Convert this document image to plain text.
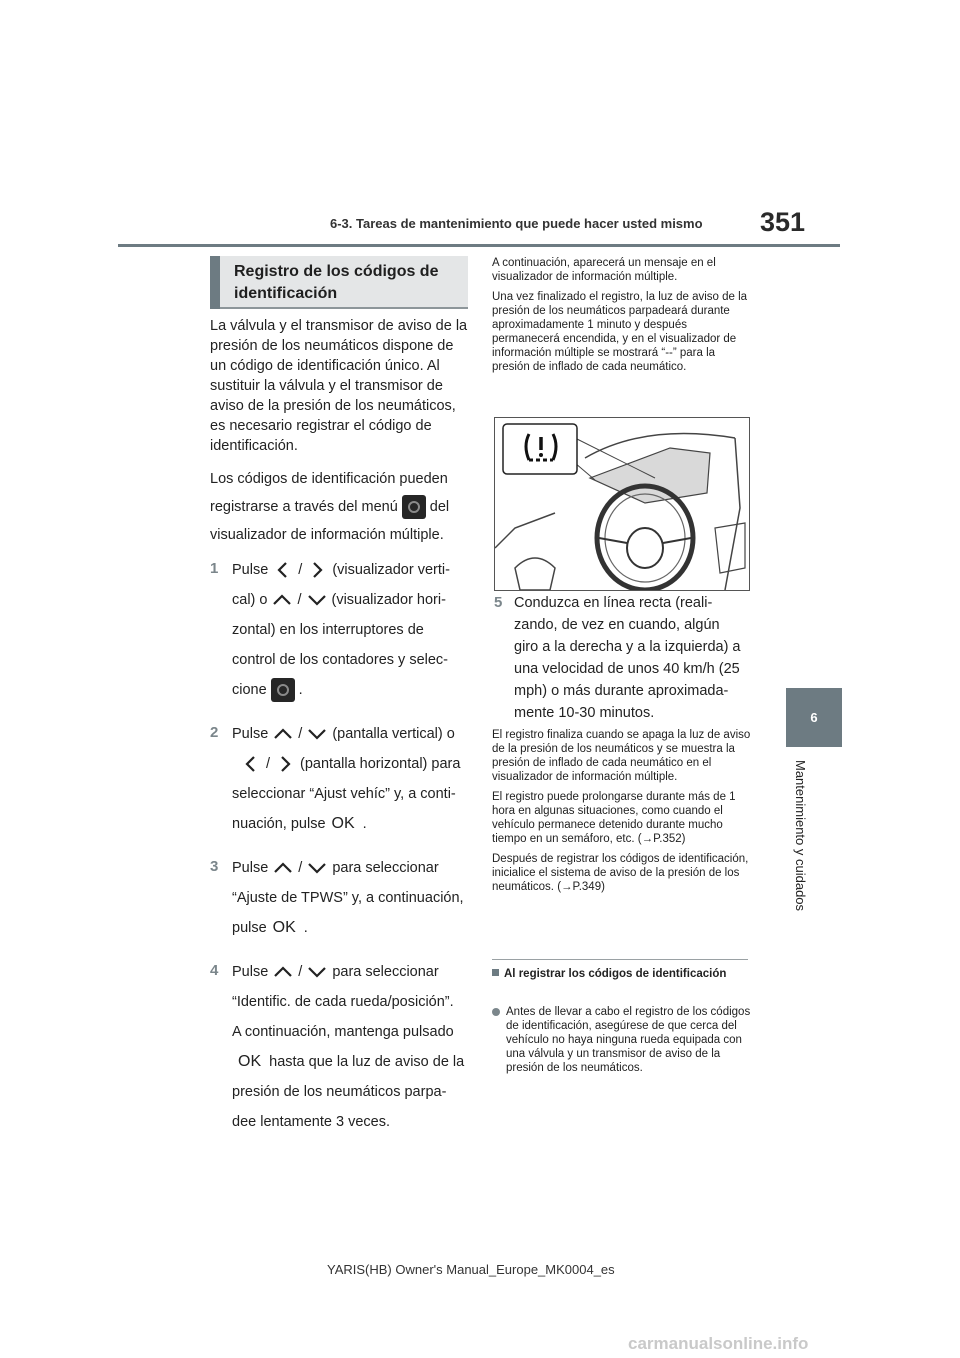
6-3. Tareas de mantenimiento que puede hacer usted mismo 351
6
Mantenimiento y cuidados
Registro de los códigos de identificación

La válvula y el transmisor de aviso de la presión de los neumáticos dispone de un código de identificación único. Al sustituir la válvula y el transmisor de aviso de la presión de los neumáticos, es necesario registrar el código de identificación.

Los códigos de identificación pueden
registrarse a través del menú del
visualizador de información múltiple.
1 Pulse / (visualizador verti-
cal) o / (visualizador hori-
zontal) en los interruptores de
control de los contadores y selec-
cione .
2 Pulse / (pantalla vertical) o
/ (pantalla horizontal) para
seleccionar “Ajust vehíc” y, a conti-
nuación, pulse OK .
3 Pulse / para seleccionar
“Ajuste de TPWS” y, a continuación,
pulse OK .
4 Pulse / para seleccionar
“Identific. de cada rueda/posición”.
A continuación, mantenga pulsado
OK hasta que la luz de aviso de la
presión de los neumáticos parpa-
dee lentamente 3 veces.

A continuación, aparecerá un mensaje en el visualizador de información múltiple.

Una vez finalizado el registro, la luz de aviso de la presión de los neumáticos parpadeará durante aproximadamente 1 minuto y después permanecerá encendida, y en el visualizador de información múltiple se mostrará “--” para la presión de inflado de cada neumático.

5 Conduzca en línea recta (reali-
zando, de vez en cuando, algún
giro a la derecha y a la izquierda) a
una velocidad de unos 40 km/h (25
mph) o más durante aproximada-
mente 10-30 minutos.

El registro finaliza cuando se apaga la luz de aviso de la presión de los neumáticos y se muestra la presión de inflado de cada neumático en el visualizador de información múltiple.

El registro puede prolongarse durante más de 1 hora en algunas situaciones, como cuando el vehículo permanece detenido durante mucho tiempo en un semáforo, etc. (→P.352)

Después de registrar los códigos de identificación, inicialice el sistema de aviso de la presión de los neumáticos. (→P.349)

Al registrar los códigos de identificación
Antes de llevar a cabo el registro de los códigos de identificación, asegúrese de que cerca del vehículo no haya ninguna rueda equipada con una válvula y un transmisor de aviso de la presión de los neumáticos.
YARIS(HB) Owner's Manual_Europe_MK0004_es
carmanualsonline.info
